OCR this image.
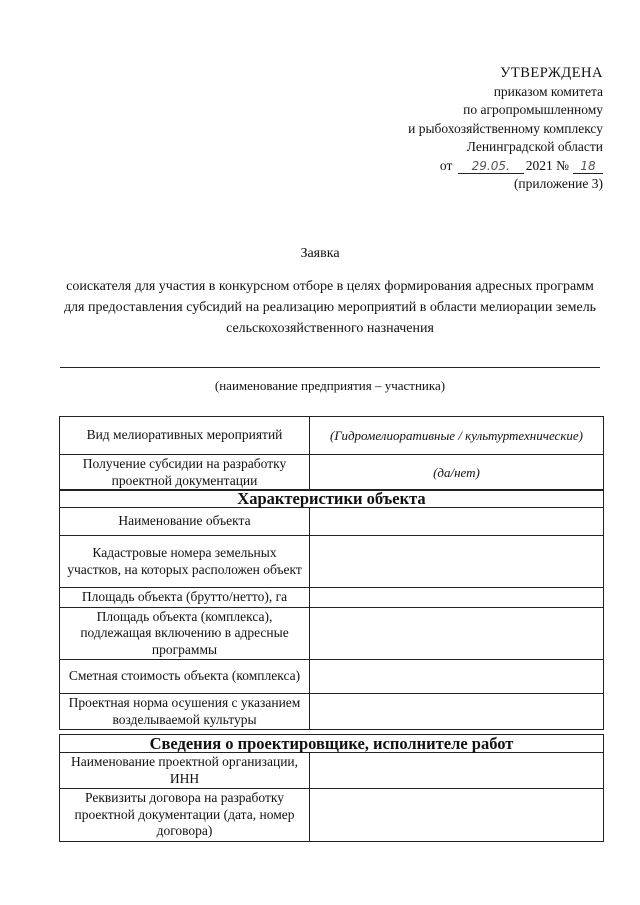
УТВЕРЖДЕНА
приказом комитета
по агропромышленному
и рыбохозяйственному комплексу
Ленинградской области
от 29.05. 2021 № 18
(приложение 3)
Заявка
соискателя для участия в конкурсном отборе в целях формирования адресных программ для предоставления субсидий на реализацию мероприятий в области мелиорации земель сельскохозяйственного назначения
(наименование предприятия – участника)
Вид мелиоративных мероприятий	(Гидромелиоративные / культуртехнические)
Получение субсидии на разработку проектной документации	(да/нет)
Характеристики объекта	
Наименование объекта	
Кадастровые номера земельных участков, на которых расположен объект	
Площадь объекта (брутто/нетто), га	
Площадь объекта (комплекса), подлежащая включению в адресные программы	
Сметная стоимость объекта (комплекса)	
Проектная норма осушения с указанием возделываемой культуры	
Сведения о проектировщике, исполнителе работ	
Наименование проектной организации, ИНН	
Реквизиты договора на разработку проектной документации (дата, номер договора)	
